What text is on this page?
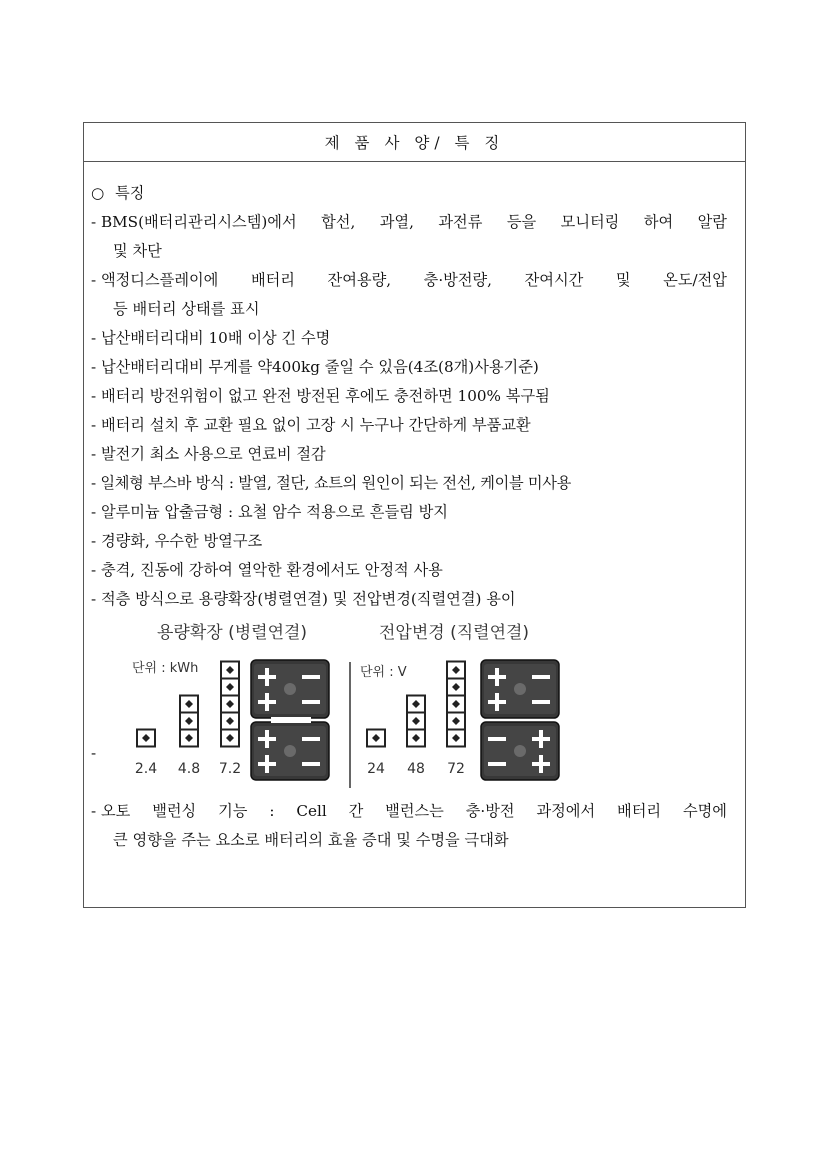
제 품 사 양/ 특 징
○ 특징
- BMS(배터리관리시스템)에서 합선, 과열, 과전류 등을 모니터링 하여 알람
및 차단
- 액정디스플레이에 배터리 잔여용량, 충·방전량, 잔여시간 및 온도/전압
등 배터리 상태를 표시
- 납산배터리대비 10배 이상 긴 수명
- 납산배터리대비 무게를 약400kg 줄일 수 있음(4조(8개)사용기준)
- 배터리 방전위험이 없고 완전 방전된 후에도 충전하면 100% 복구됨
- 배터리 설치 후 교환 필요 없이 고장 시 누구나 간단하게 부품교환
- 발전기 최소 사용으로 연료비 절감
- 일체형 부스바 방식 : 발열, 절단, 쇼트의 원인이 되는 전선, 케이블 미사용
- 알루미늄 압출금형 : 요철 암수 적용으로 흔들림 방지
- 경량화, 우수한 방열구조
- 충격, 진동에 강하여 열악한 환경에서도 안정적 사용
- 적층 방식으로 용량확장(병렬연결) 및 전압변경(직렬연결) 용이
-
용량확장 (병렬연결)
단위 : kWh
2.4 4.8 7.2
전압변경 (직렬연결)
단위 : V
24 48 72
- 오토 밸런싱 기능 : Cell 간 밸런스는 충·방전 과정에서 배터리 수명에
큰 영향을 주는 요소로 배터리의 효율 증대 및 수명을 극대화
